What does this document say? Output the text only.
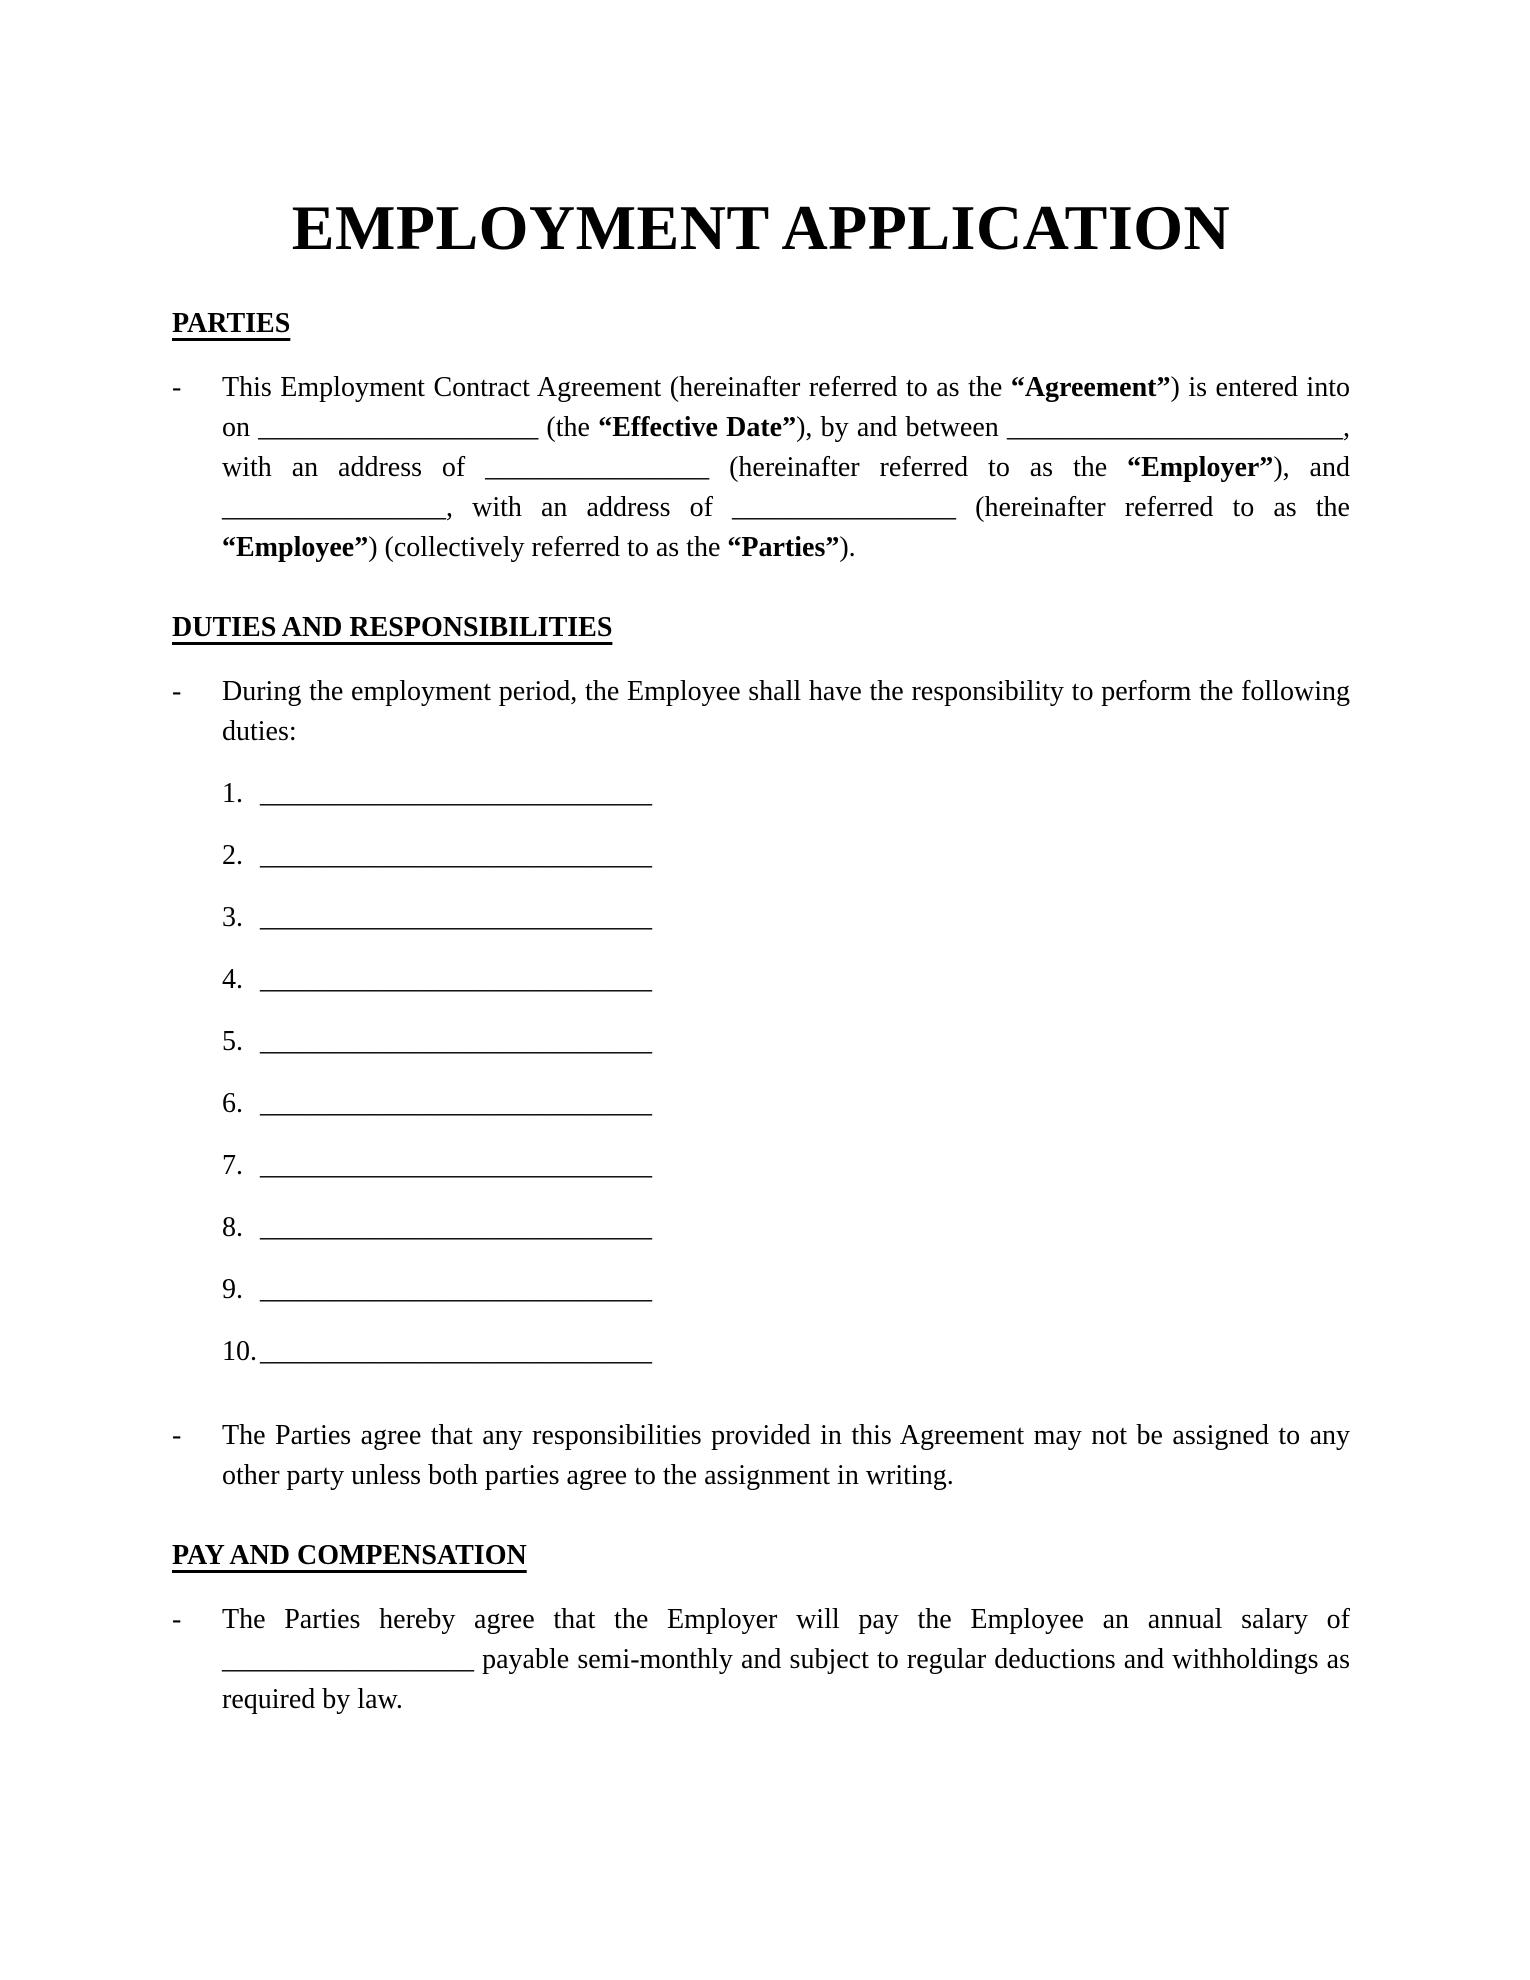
EMPLOYMENT APPLICATION
PARTIES
-	This Employment Contract Agreement (hereinafter referred to as the “Agreement”) is entered into on ____________________ (the “Effective Date”), by and between ________________________, with an address of ________________ (hereinafter referred to as the “Employer”), and ________________, with an address of ________________ (hereinafter referred to as the “Employee”) (collectively referred to as the “Parties”).
DUTIES AND RESPONSIBILITIES
-	During the employment period, the Employee shall have the responsibility to perform the following duties:
1. ____________________________
2. ____________________________
3. ____________________________
4. ____________________________
5. ____________________________
6. ____________________________
7. ____________________________
8. ____________________________
9. ____________________________
10. ____________________________
-	The Parties agree that any responsibilities provided in this Agreement may not be assigned to any other party unless both parties agree to the assignment in writing.
PAY AND COMPENSATION
-	The Parties hereby agree that the Employer will pay the Employee an annual salary of __________________ payable semi-monthly and subject to regular deductions and withholdings as required by law.
